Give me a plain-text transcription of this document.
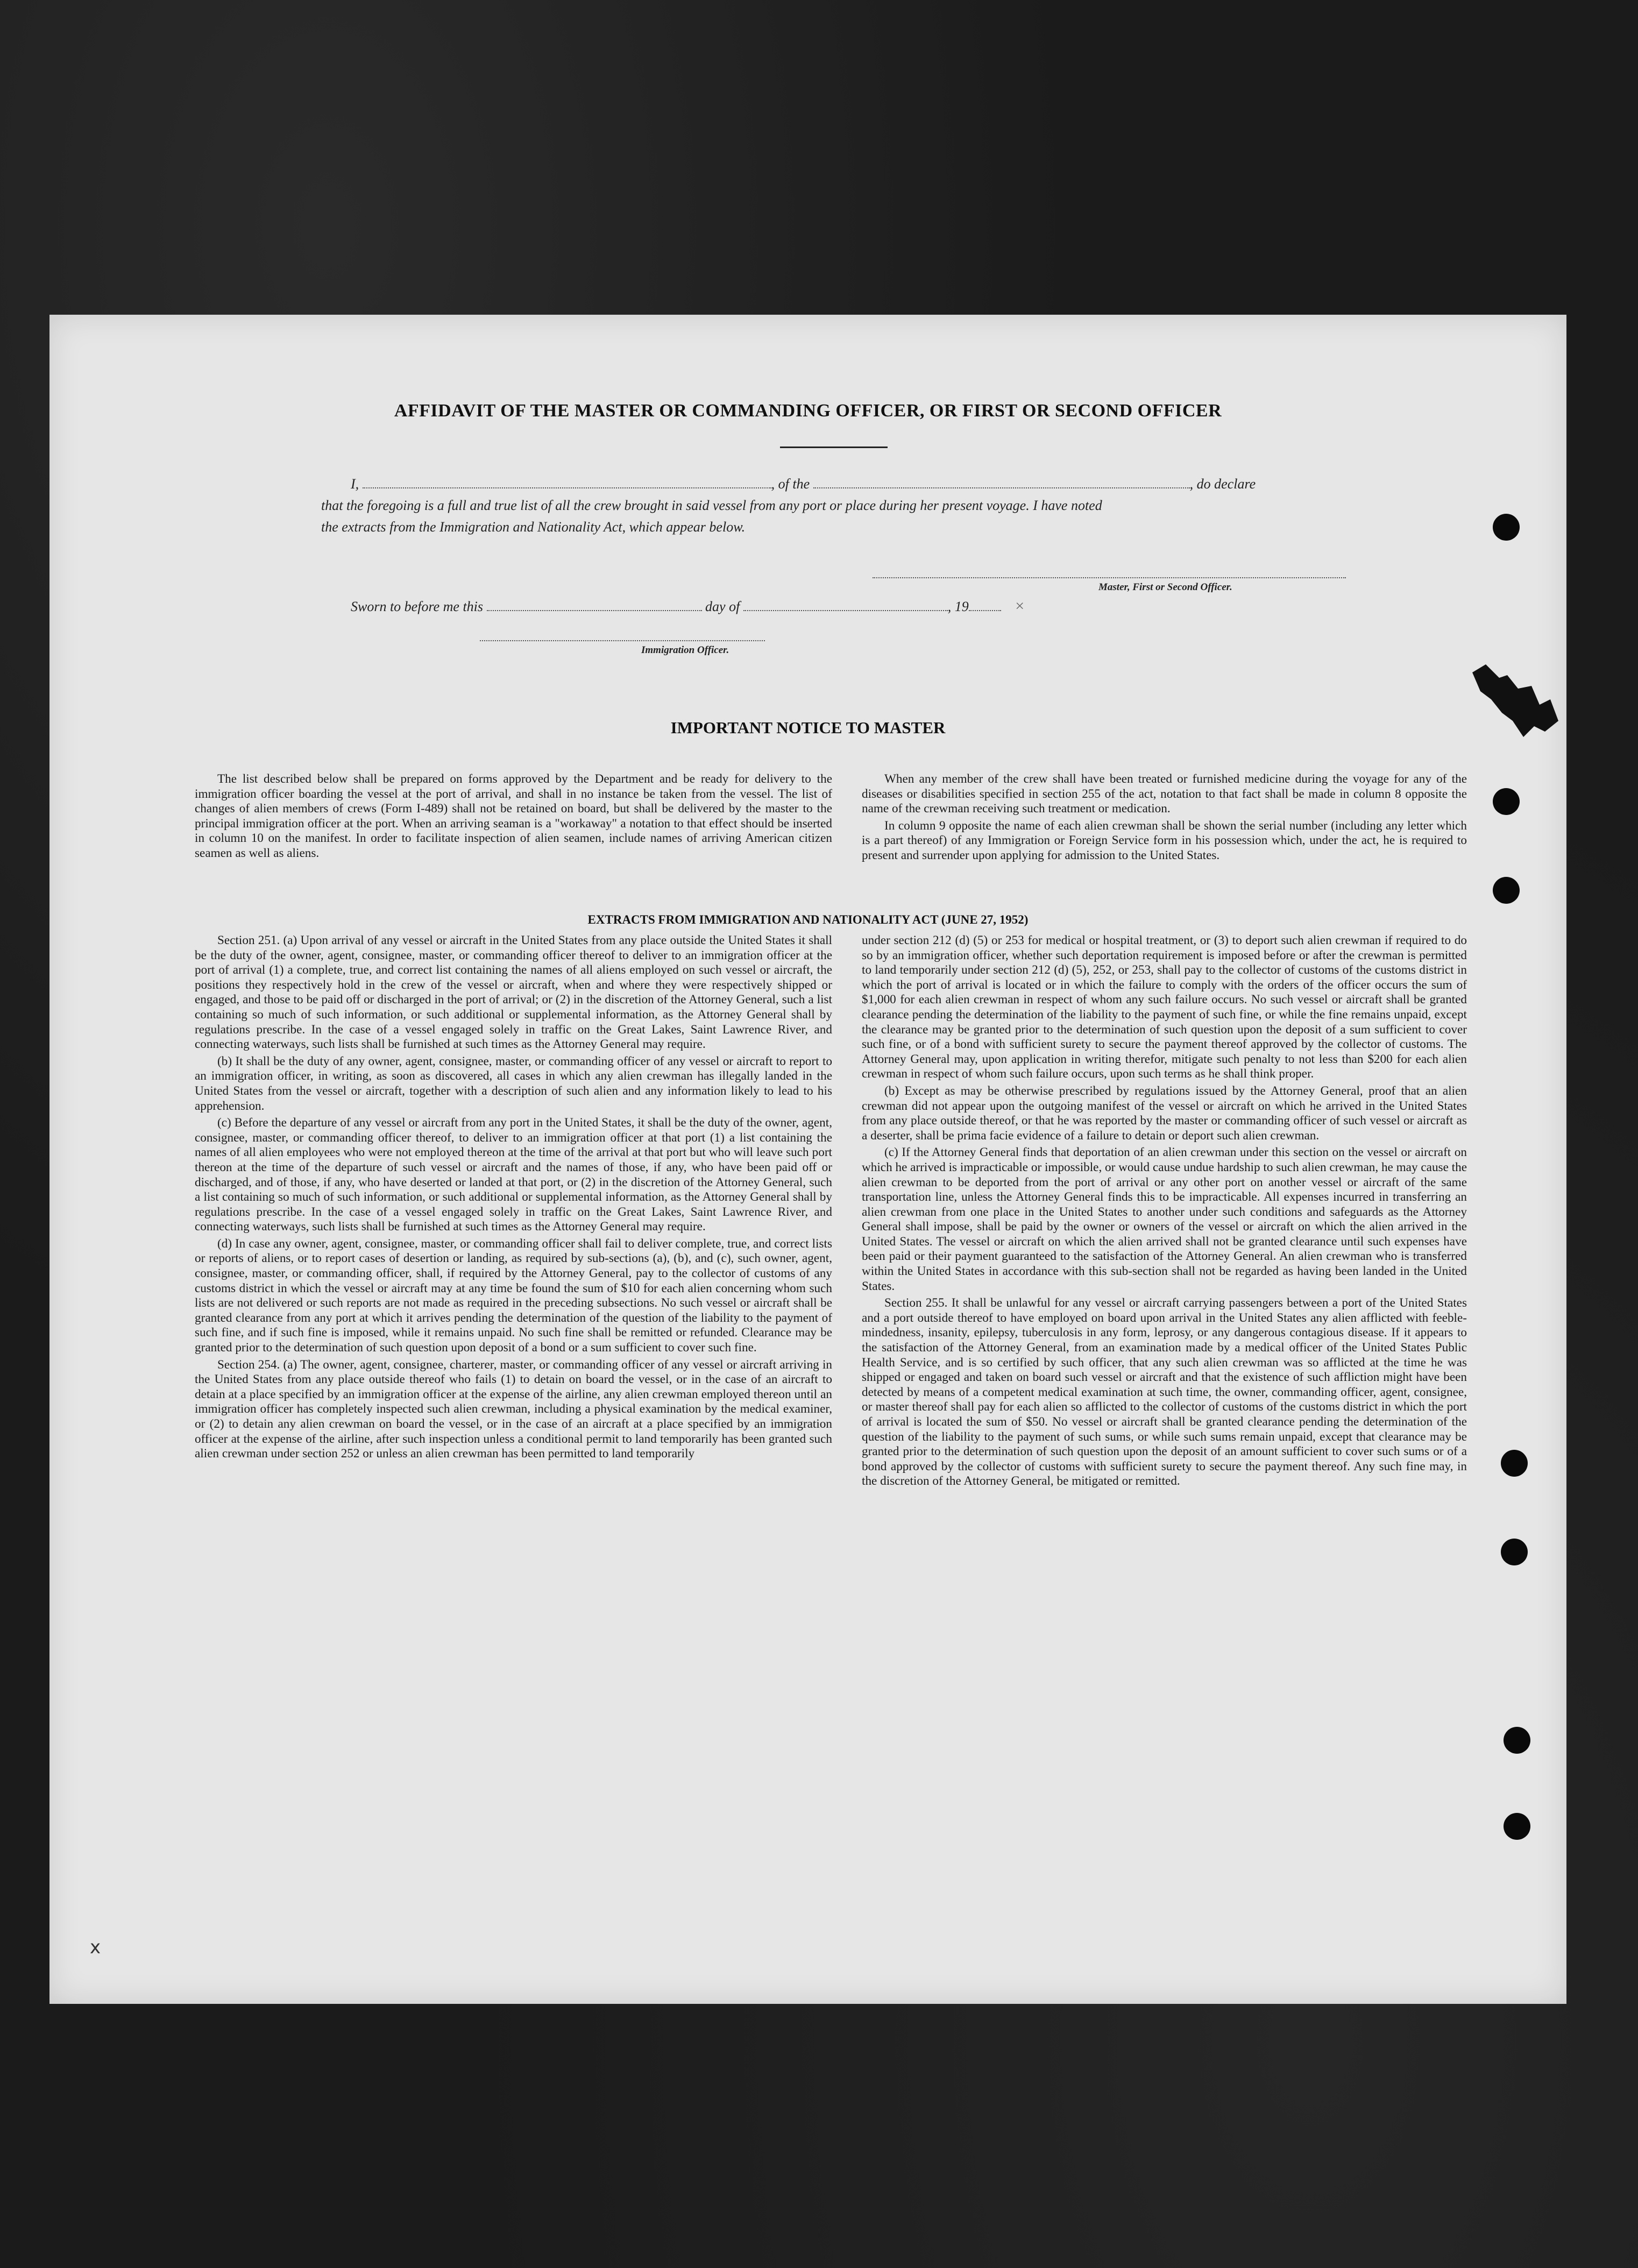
AFFIDAVIT OF THE MASTER OR COMMANDING OFFICER, OR FIRST OR SECOND OFFICER
I,	, of the	, do declare
that the foregoing is a full and true list of all the crew brought in said vessel from any port or place during her present voyage. I have noted
the extracts from the Immigration and Nationality Act, which appear below.
Master, First or Second Officer.
Sworn to before me this	day of	, 19	×
Immigration Officer.
IMPORTANT NOTICE TO MASTER

The list described below shall be prepared on forms approved by the Department and be ready for delivery to the immigration officer boarding the vessel at the port of arrival, and shall in no instance be taken from the vessel. The list of changes of alien members of crews (Form I-489) shall not be retained on board, but shall be delivered by the master to the principal immigration officer at the port. When an arriving seaman is a "workaway" a notation to that effect should be inserted in column 10 on the manifest. In order to facilitate inspection of alien seamen, include names of arriving American citizen seamen as well as aliens.

When any member of the crew shall have been treated or furnished medicine during the voyage for any of the diseases or disabilities specified in section 255 of the act, notation to that fact shall be made in column 8 opposite the name of the crewman receiving such treatment or medication.

In column 9 opposite the name of each alien crewman shall be shown the serial number (including any letter which is a part thereof) of any Immigration or Foreign Service form in his possession which, under the act, he is required to present and surrender upon applying for admission to the United States.

EXTRACTS FROM IMMIGRATION AND NATIONALITY ACT (JUNE 27, 1952)

Section 251. (a) Upon arrival of any vessel or aircraft in the United States from any place outside the United States it shall be the duty of the owner, agent, consignee, master, or commanding officer thereof to deliver to an immigration officer at the port of arrival (1) a complete, true, and correct list containing the names of all aliens employed on such vessel or aircraft, the positions they respectively hold in the crew of the vessel or aircraft, when and where they were respectively shipped or engaged, and those to be paid off or discharged in the port of arrival; or (2) in the discretion of the Attorney General, such a list containing so much of such information, or such additional or supplemental information, as the Attorney General shall by regulations prescribe. In the case of a vessel engaged solely in traffic on the Great Lakes, Saint Lawrence River, and connecting waterways, such lists shall be furnished at such times as the Attorney General may require.

(b) It shall be the duty of any owner, agent, consignee, master, or commanding officer of any vessel or aircraft to report to an immigration officer, in writing, as soon as discovered, all cases in which any alien crewman has illegally landed in the United States from the vessel or aircraft, together with a description of such alien and any information likely to lead to his apprehension.

(c) Before the departure of any vessel or aircraft from any port in the United States, it shall be the duty of the owner, agent, consignee, master, or commanding officer thereof, to deliver to an immigration officer at that port (1) a list containing the names of all alien employees who were not employed thereon at the time of the arrival at that port but who will leave such port thereon at the time of the departure of such vessel or aircraft and the names of those, if any, who have been paid off or discharged, and of those, if any, who have deserted or landed at that port, or (2) in the discretion of the Attorney General, such a list containing so much of such information, or such additional or supplemental information, as the Attorney General shall by regulations prescribe. In the case of a vessel engaged solely in traffic on the Great Lakes, Saint Lawrence River, and connecting waterways, such lists shall be furnished at such times as the Attorney General may require.

(d) In case any owner, agent, consignee, master, or commanding officer shall fail to deliver complete, true, and correct lists or reports of aliens, or to report cases of desertion or landing, as required by sub-sections (a), (b), and (c), such owner, agent, consignee, master, or commanding officer, shall, if required by the Attorney General, pay to the collector of customs of any customs district in which the vessel or aircraft may at any time be found the sum of $10 for each alien concerning whom such lists are not delivered or such reports are not made as required in the preceding subsections. No such vessel or aircraft shall be granted clearance from any port at which it arrives pending the determination of the question of the liability to the payment of such fine, and if such fine is imposed, while it remains unpaid. No such fine shall be remitted or refunded. Clearance may be granted prior to the determination of such question upon deposit of a bond or a sum sufficient to cover such fine.

Section 254. (a) The owner, agent, consignee, charterer, master, or commanding officer of any vessel or aircraft arriving in the United States from any place outside thereof who fails (1) to detain on board the vessel, or in the case of an aircraft to detain at a place specified by an immigration officer at the expense of the airline, any alien crewman employed thereon until an immigration officer has completely inspected such alien crewman, including a physical examination by the medical examiner, or (2) to detain any alien crewman on board the vessel, or in the case of an aircraft at a place specified by an immigration officer at the expense of the airline, after such inspection unless a conditional permit to land temporarily has been granted such alien crewman under section 252 or unless an alien crewman has been permitted to land temporarily

under section 212 (d) (5) or 253 for medical or hospital treatment, or (3) to deport such alien crewman if required to do so by an immigration officer, whether such deportation requirement is imposed before or after the crewman is permitted to land temporarily under section 212 (d) (5), 252, or 253, shall pay to the collector of customs of the customs district in which the port of arrival is located or in which the failure to comply with the orders of the officer occurs the sum of $1,000 for each alien crewman in respect of whom any such failure occurs. No such vessel or aircraft shall be granted clearance pending the determination of the liability to the payment of such fine, or while the fine remains unpaid, except the clearance may be granted prior to the determination of such question upon the deposit of a sum sufficient to cover such fine, or of a bond with sufficient surety to secure the payment thereof approved by the collector of customs. The Attorney General may, upon application in writing therefor, mitigate such penalty to not less than $200 for each alien crewman in respect of whom such failure occurs, upon such terms as he shall think proper.

(b) Except as may be otherwise prescribed by regulations issued by the Attorney General, proof that an alien crewman did not appear upon the outgoing manifest of the vessel or aircraft on which he arrived in the United States from any place outside thereof, or that he was reported by the master or commanding officer of such vessel or aircraft as a deserter, shall be prima facie evidence of a failure to detain or deport such alien crewman.

(c) If the Attorney General finds that deportation of an alien crewman under this section on the vessel or aircraft on which he arrived is impracticable or impossible, or would cause undue hardship to such alien crewman, he may cause the alien crewman to be deported from the port of arrival or any other port on another vessel or aircraft of the same transportation line, unless the Attorney General finds this to be impracticable. All expenses incurred in transferring an alien crewman from one place in the United States to another under such conditions and safeguards as the Attorney General shall impose, shall be paid by the owner or owners of the vessel or aircraft on which the alien arrived in the United States. The vessel or aircraft on which the alien arrived shall not be granted clearance until such expenses have been paid or their payment guaranteed to the satisfaction of the Attorney General. An alien crewman who is transferred within the United States in accordance with this sub-section shall not be regarded as having been landed in the United States.

Section 255. It shall be unlawful for any vessel or aircraft carrying passengers between a port of the United States and a port outside thereof to have employed on board upon arrival in the United States any alien afflicted with feeble-mindedness, insanity, epilepsy, tuberculosis in any form, leprosy, or any dangerous contagious disease. If it appears to the satisfaction of the Attorney General, from an examination made by a medical officer of the United States Public Health Service, and is so certified by such officer, that any such alien crewman was so afflicted at the time he was shipped or engaged and taken on board such vessel or aircraft and that the existence of such affliction might have been detected by means of a competent medical examination at such time, the owner, commanding officer, agent, consignee, or master thereof shall pay for each alien so afflicted to the collector of customs of the customs district in which the port of arrival is located the sum of $50. No vessel or aircraft shall be granted clearance pending the determination of the question of the liability to the payment of such sums, or while such sums remain unpaid, except that clearance may be granted prior to the determination of such question upon the deposit of an amount sufficient to cover such sums or of a bond approved by the collector of customs with sufficient surety to secure the payment thereof. Any such fine may, in the discretion of the Attorney General, be mitigated or remitted.

x
